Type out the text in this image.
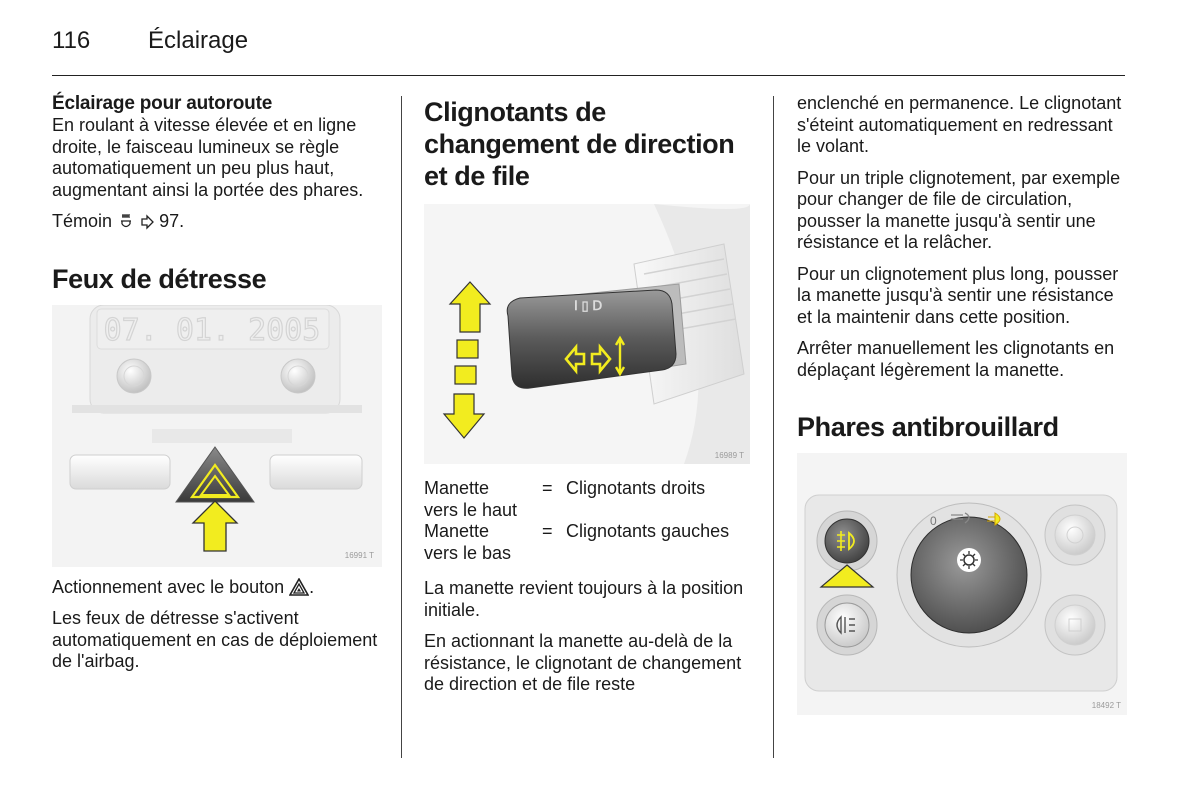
116 Éclairage
Éclairage pour autoroute

En roulant à vitesse élevée et en ligne droite, le faisceau lumineux se règle automatiquement un peu plus haut, augmentant ainsi la portée des phares.

Témoin	97.

Feux de détresse
07. 01. 2005
16991 T

Actionnement avec le bouton .

Les feux de détresse s'activent automatiquement en cas de déploiement de l'airbag.

Clignotants de changement de direction et de file
Ⅰ ▯ Ⅾ
16989 T
Manette
vers le haut
= Clignotants droits
Manette
vers le bas
= Clignotants gauches

La manette revient toujours à la position initiale.

En actionnant la manette au-delà de la résistance, le clignotant de changement de direction et de file reste

enclenché en permanence. Le clignotant s'éteint automatiquement en redressant le volant.

Pour un triple clignotement, par exemple pour changer de file de circulation, pousser la manette jusqu'à sentir une résistance et la relâcher.

Pour un clignotement plus long, pousser la manette jusqu'à sentir une résistance et la maintenir dans cette position.

Arrêter manuellement les clignotants en déplaçant légèrement la manette.

Phares antibrouillard
0
18492 T
